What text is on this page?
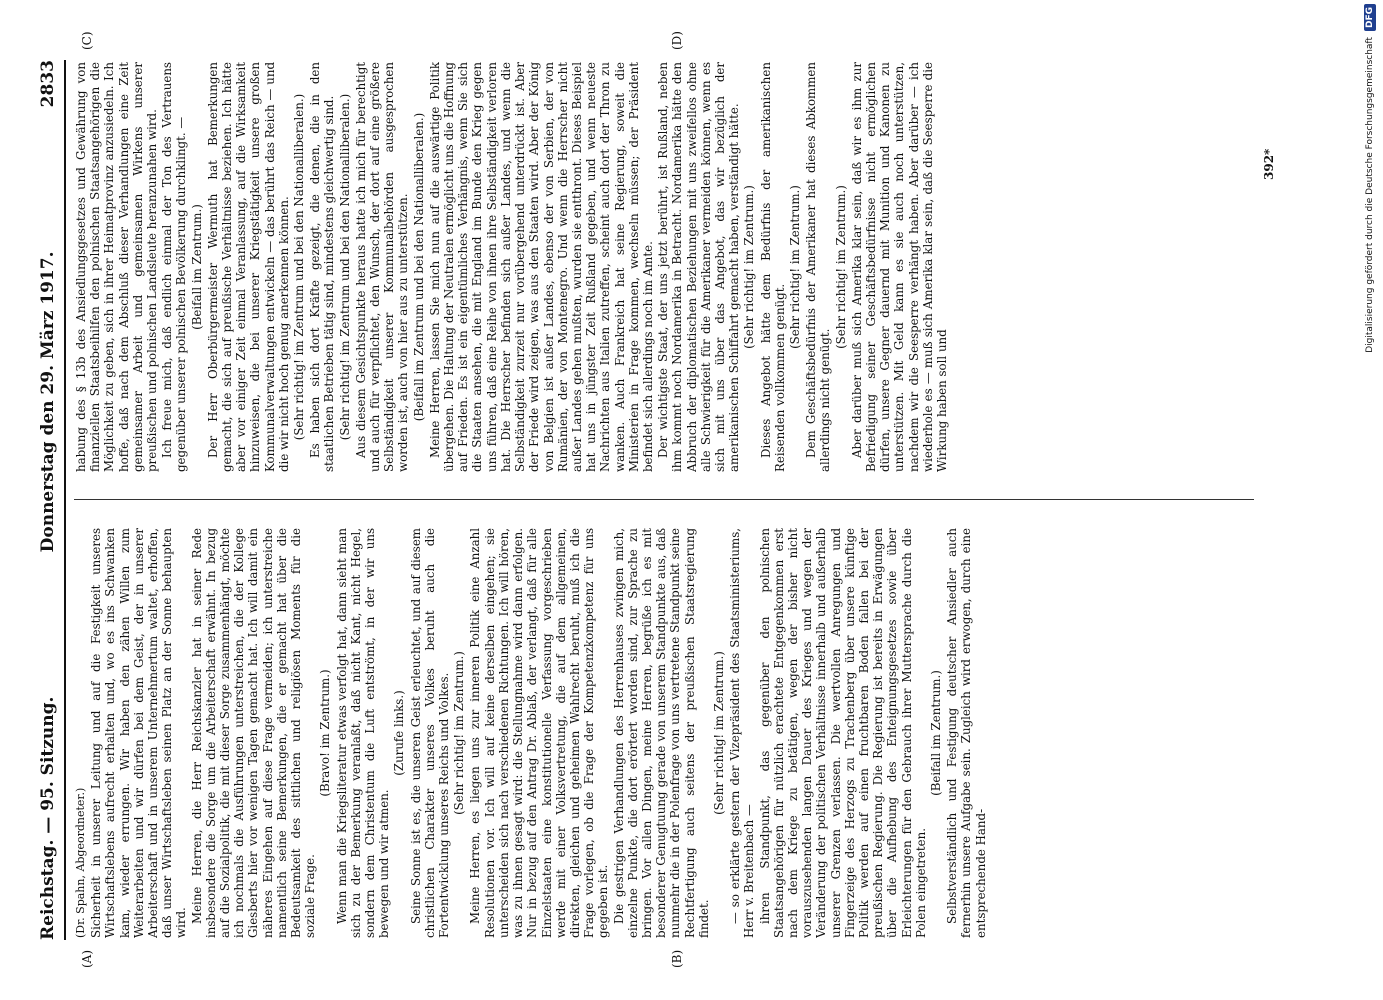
Reichstag. — 95. Sitzung.
Donnerstag den 29. März 1917.
2833
(A)	(B)
(C)	(D)

(Dr. Spahn, Abgeordneter.) Sicherheit in unserer Leitung und auf die Festigkeit unseres Wirtschaftslebens aufrecht erhalten und, wo es ins Schwanken kam, wieder errungen. Wir haben den zähen Willen zum Weiterarbeiten und wir dürfen bei dem Geist, der in unserer Arbeiterschaft und in unserem Unternehmertum waltet, erhoffen, daß unser Wirtschaftsleben seinen Platz an der Sonne behaupten wird. Meine Herren, die Herr Reichskanzler hat in seiner Rede insbesondere die Sorge um die Arbeiterschaft erwähnt. In bezug auf die Sozialpolitik, die mit dieser Sorge zusammenhängt, möchte ich nochmals die Ausführungen unterstreichen, die der Kollege Giesberts hier vor wenigen Tagen gemacht hat. Ich will damit ein näheres Eingehen auf diese Frage vermeiden; ich unterstreiche namentlich seine Bemerkungen, die er gemacht hat über die Bedeutsamkeit des sittlichen und religiösen Moments für die soziale Frage.

(Bravo! im Zentrum.) Wenn man die Kriegsliteratur etwas verfolgt hat, dann sieht man sich zu der Bemerkung veranlaßt, daß nicht Kant, nicht Hegel, sondern dem Christentum die Luft entströmt, in der wir uns bewegen und wir atmen.

(Zurufe links.) Seine Sonne ist es, die unseren Geist erleuchtet, und auf diesem christlichen Charakter unseres Volkes beruht auch die Fortentwicklung unseres Reichs und Volkes. (Sehr richtig! im Zentrum.) Meine Herren, es liegen uns zur inneren Politik eine Anzahl Resolutionen vor. Ich will auf keine derselben eingehen; sie unterscheiden sich nach verschiedenen Richtungen. Ich will hören, was zu ihnen gesagt wird: die Stellungnahme wird dann erfolgen. Nur in bezug auf den Antrag Dr. Ablaß, der verlangt, daß für alle Einzelstaaten eine konstitutionelle Verfassung vorgeschrieben werde mit einer Volksvertretung, die auf dem allgemeinen, direkten, gleichen und geheimen Wahlrecht beruht, muß ich die Frage vorlegen, ob die Frage der Kompetenzkompetenz für uns gegeben ist. Die gestrigen Verhandlungen des Herrenhauses zwingen mich, einzelne Punkte, die dort erörtert worden sind, zur Sprache zu bringen. Vor allen Dingen, meine Herren, begrüße ich es mit besonderer Genugtuung gerade von unserem Standpunkte aus, daß nunmehr die in der Polenfrage von uns vertretene Standpunkt seine Rechtfertigung auch seitens der preußischen Staatsregierung findet.

(Sehr richtig! im Zentrum.) — so erklärte gestern der Vizepräsident des Staatsministeriums, Herr v. Breitenbach — ihren Standpunkt, das gegenüber den polnischen Staatsangehörigen für nützlich erachtete Entgegenkommen erst nach dem Kriege zu betätigen, wegen der bisher nicht vorauszusehenden langen Dauer des Krieges und wegen der Veränderung der politischen Verhältnisse innerhalb und außerhalb unserer Grenzen verlassen. Die wertvollen Anregungen und Fingerzeige des Herzogs zu Trachenberg über unsere künftige Politik werden auf einen fruchtbaren Boden fallen bei der preußischen Regierung. Die Regierung ist bereits in Erwägungen über die Aufhebung des Enteignungsgesetzes sowie über Erleichterungen für den Gebrauch ihrer Muttersprache durch die Polen eingetreten.

(Beifall im Zentrum.) Selbstverständlich und Festigung deutscher Ansiedler auch fernerhin unsere Aufgabe sein. Zugleich wird erwogen, durch eine entsprechende Hand-

habung des § 13b des Ansiedlungsgesetzes und Gewährung von finanziellen Staatsbeihilfen den polnischen Staatsangehörigen die Möglichkeit zu geben, sich in ihrer Heimatprovinz anzusiedeln. Ich hoffe, daß nach dem Abschluß dieser Verhandlungen eine Zeit gemeinsamer Arbeit und gemeinsamen Wirkens unserer preußischen und polnischen Landsleute heranzunahen wird. Ich freue mich, daß endlich einmal der Ton des Vertrauens gegenüber unserer polnischen Bevölkerung durchklingt. — (Beifall im Zentrum.) Der Herr Oberbürgermeister Wermuth hat Bemerkungen gemacht, die sich auf preußische Verhältnisse beziehen. Ich hätte aber vor einiger Zeit einmal Veranlassung, auf die Wirksamkeit hinzuweisen, die bei unserer Kriegstätigkeit unsere großen Kommunalverwaltungen entwickeln — das berührt das Reich — und die wir nicht hoch genug anerkennen können. (Sehr richtig! im Zentrum und bei den Nationalliberalen.) Es haben sich dort Kräfte gezeigt, die denen, die in den staatlichen Betrieben tätig sind, mindestens gleichwertig sind. (Sehr richtig! im Zentrum und bei den Nationalliberalen.) Aus diesem Gesichtspunkte heraus hatte ich mich für berechtigt und auch für verpflichtet, den Wunsch, der dort auf eine größere Selbständigkeit unserer Kommunalbehörden ausgesprochen worden ist, auch von hier aus zu unterstützen. (Beifall im Zentrum und bei den Nationalliberalen.) Meine Herren, lassen Sie mich nun auf die auswärtige Politik übergehen. Die Haltung der Neutralen ermöglicht uns die Hoffnung auf Frieden. Es ist ein eigentümliches Verhängnis, wenn Sie sich die Staaten ansehen, die mit England im Bunde den Krieg gegen uns führen, daß eine Reihe von ihnen ihre Selbständigkeit verloren hat. Die Herrscher befinden sich außer Landes, und wenn die Selbständigkeit zurzeit nur vorübergehend unterdrückt ist. Aber der Friede wird zeigen, was aus den Staaten wird. Aber der König von Belgien ist außer Landes, ebenso der von Serbien, der von Rumänien, der von Montenegro. Und wenn die Herrscher nicht außer Landes gehen mußten, wurden sie entthront. Dieses Beispiel hat uns in jüngster Zeit Rußland gegeben, und wenn neueste Nachrichten aus Italien zutreffen, scheint auch dort der Thron zu wanken. Auch Frankreich hat seine Regierung, soweit die Ministerien in Frage kommen, wechseln müssen; der Präsident befindet sich allerdings noch im Amte. Der wichtigste Staat, der uns jetzt berührt, ist Rußland, neben ihm kommt noch Nordamerika in Betracht. Nordamerika hätte den Abbruch der diplomatischen Beziehungen mit uns zweifellos ohne alle Schwierigkeit für die Amerikaner vermeiden können, wenn es sich mit uns über das Angebot, das wir bezüglich der amerikanischen Schiffahrt gemacht haben, verständigt hätte. (Sehr richtig! im Zentrum.) Dieses Angebot hätte dem Bedürfnis der amerikanischen Reisenden vollkommen genügt.

(Sehr richtig! im Zentrum.) Dem Geschäftsbedürfnis der Amerikaner hat dieses Abkommen allerdings nicht genügt.

(Sehr richtig! im Zentrum.) Aber darüber muß sich Amerika klar sein, daß wir es ihm zur Befriedigung seiner Geschäftsbedürfnisse nicht ermöglichen dürfen, unsere Gegner dauernd mit Munition und Kanonen zu unterstützen. Mit Geld kann es sie auch noch unterstützen, nachdem wir die Seesperre verhängt haben. Aber darüber — ich wiederhole es — muß sich Amerika klar sein, daß die Seesperre die Wirkung haben soll und

392*	Digitalisierung gefördert durch die Deutsche Forschungsgemeinschaft
DFG
